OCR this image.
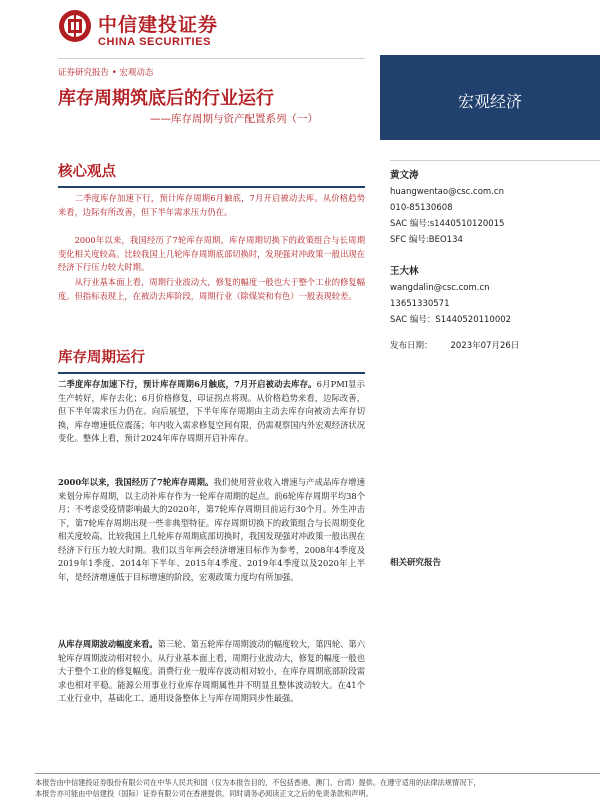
中信建投证券
CHINA SECURITIES
证券研究报告 • 宏观动态
库存周期筑底后的行业运行
——库存周期与资产配置系列（一）
宏观经济
核心观点

二季度库存加速下行，预计库存周期6月触底，7月开启被动去库。从价格趋势来看，边际有所改善，但下半年需求压力仍在。

2000年以来，我国经历了7轮库存周期。库存周期切换下的政策组合与长周期变化相关度较高。比较我国上几轮库存周期底部切换时，发现强对冲政策一般出现在经济下行压力较大时期。

从行业基本面上看，周期行业波动大，修复的幅度一般也大于整个工业的修复幅度。但指标表现上，在被动去库阶段，周期行业（除煤炭和有色）一般表现较差。

库存周期运行

二季度库存加速下行，预计库存周期6月触底，7月开启被动去库存。6月PMI显示生产转好，库存去化；6月价格修复，印证拐点将现。从价格趋势来看，边际改善，但下半年需求压力仍在。向后展望，下半年库存周期由主动去库存向被动去库存切换，库存增速低位震荡；年内收入需求修复空间有限，仍需观察国内外宏观经济状况变化。整体上看，预计2024年库存周期开启补库存。

2000年以来，我国经历了7轮库存周期。我们使用营业收入增速与产成品库存增速来划分库存周期，以主动补库存作为一轮库存周期的起点。前6轮库存周期平均38个月；不考虑受疫情影响最大的2020年，第7轮库存周期目前运行30个月。外生冲击下，第7轮库存周期出现一些非典型特征。库存周期切换下的政策组合与长周期变化相关度较高。比较我国上几轮库存周期底部切换时，我国发现强对冲政策一般出现在经济下行压力较大时期。我们以当年两会经济增速目标作为参考，2008年4季度及2019年1季度、2014年下半年、2015年4季度、2019年4季度以及2020年上半年，是经济增速低于目标增速的阶段，宏观政策力度均有所加强。

从库存周期波动幅度来看。第三轮、第五轮库存周期波动的幅度较大，第四轮、第六轮库存周期波动相对较小。从行业基本面上看，周期行业波动大，修复的幅度一般也大于整个工业的修复幅度。消费行业一般库存波动相对较小，在库存周期底部阶段需求也相对平稳。能源公用事业行业库存周期属性并不明显且整体波动较大。在41个工业行业中，基础化工、通用设备整体上与库存周期同步性最强。

黄文涛
huangwentao@csc.com.cn
010-85130608
SAC 编号:s1440510120015
SFC 编号:BEO134
王大林
wangdalin@csc.com.cn
13651330571
SAC 编号：S1440520110002
发布日期： 2023年07月26日
相关研究报告
本报告由中信建投证券股份有限公司在中华人民共和国（仅为本报告目的，不包括香港、澳门、台湾）提供。在遵守适用的法律法规情况下，
本报告亦可能由中信建投（国际）证券有限公司在香港提供。同时请务必阅读正文之后的免责条款和声明。
